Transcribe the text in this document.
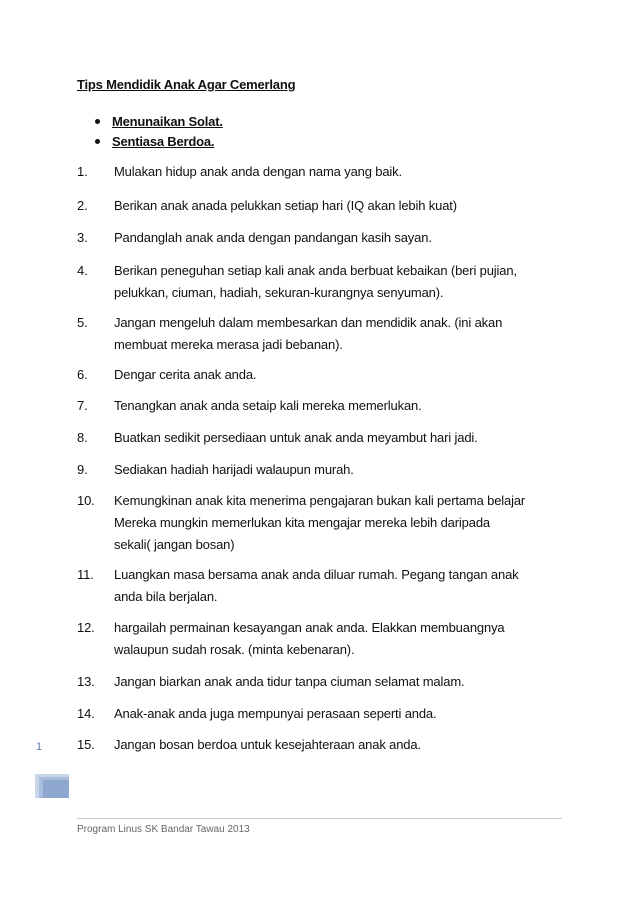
Tips Mendidik Anak Agar Cemerlang
Menunaikan Solat.
Sentiasa Berdoa.
1.	Mulakan hidup anak anda dengan nama yang baik.
2.	Berikan anak anada pelukkan setiap hari (IQ akan lebih kuat)
3.	Pandanglah anak anda dengan pandangan kasih sayan.
4.	Berikan peneguhan setiap kali anak anda berbuat kebaikan (beri pujian,
pelukkan, ciuman, hadiah, sekuran-kurangnya senyuman).
5.	Jangan mengeluh dalam membesarkan dan mendidik anak. (ini akan
membuat mereka merasa jadi bebanan).
6.	Dengar cerita anak anda.
7.	Tenangkan anak anda setaip kali mereka memerlukan.
8.	Buatkan sedikit persediaan untuk anak anda meyambut hari jadi.
9.	Sediakan hadiah harijadi walaupun murah.
10.	Kemungkinan anak kita menerima pengajaran bukan kali pertama belajar
Mereka mungkin memerlukan kita mengajar mereka lebih daripada
sekali( jangan bosan)
11.	Luangkan masa bersama anak anda diluar rumah. Pegang tangan anak
anda bila berjalan.
12.	hargailah permainan kesayangan anak anda. Elakkan membuangnya
walaupun sudah rosak. (minta kebenaran).
13.	Jangan biarkan anak anda tidur tanpa ciuman selamat malam.
14.	Anak-anak anda juga mempunyai perasaan seperti anda.
15.	Jangan bosan berdoa untuk kesejahteraan anak anda.
1
Program Linus SK Bandar Tawau 2013
